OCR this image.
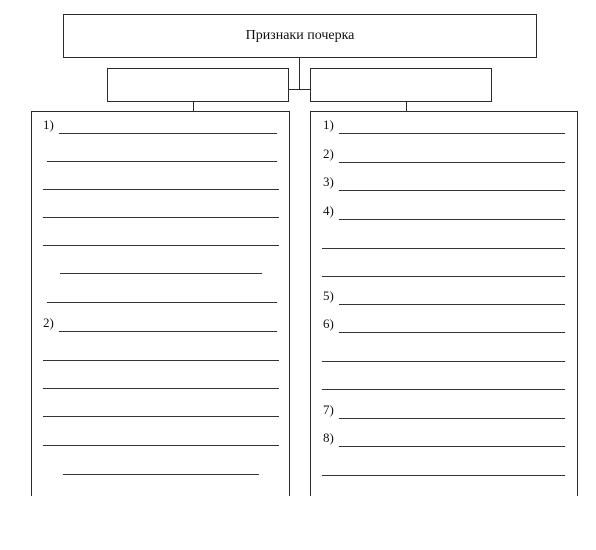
Признаки почерка
1)
2)
1)
2)
3)
4)
5)
6)
7)
8)
